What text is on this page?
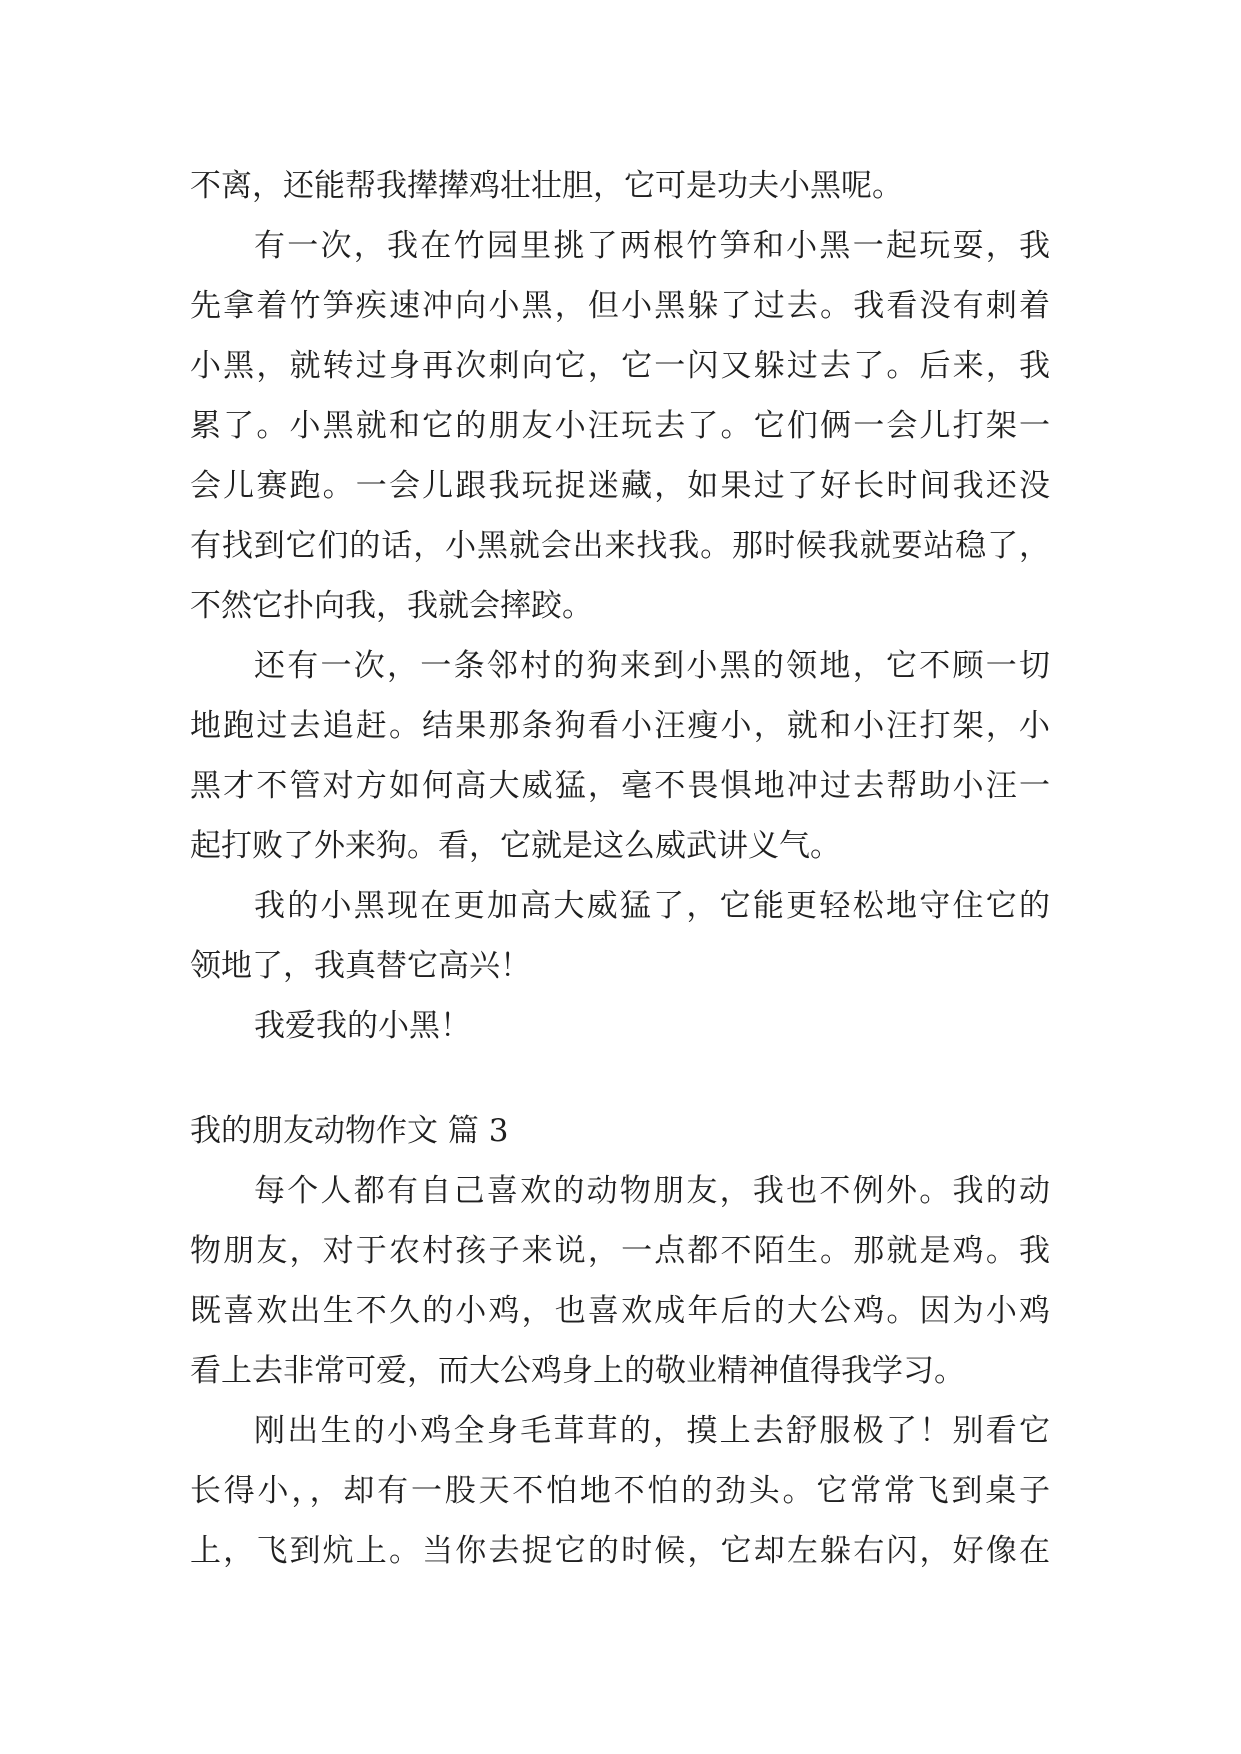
不离，还能帮我撵撵鸡壮壮胆，它可是功夫小黑呢。

有一次，我在竹园里挑了两根竹笋和小黑一起玩耍，我

先拿着竹笋疾速冲向小黑，但小黑躲了过去。我看没有刺着

小黑，就转过身再次刺向它，它一闪又躲过去了。后来，我

累了。小黑就和它的朋友小汪玩去了。它们俩一会儿打架一

会儿赛跑。一会儿跟我玩捉迷藏，如果过了好长时间我还没

有找到它们的话，小黑就会出来找我。那时候我就要站稳了，

不然它扑向我，我就会摔跤。

还有一次，一条邻村的狗来到小黑的领地，它不顾一切

地跑过去追赶。结果那条狗看小汪瘦小，就和小汪打架，小

黑才不管对方如何高大威猛，毫不畏惧地冲过去帮助小汪一

起打败了外来狗。看，它就是这么威武讲义气。

我的小黑现在更加高大威猛了，它能更轻松地守住它的

领地了，我真替它高兴！

我爱我的小黑！

我的朋友动物作文 篇 3

每个人都有自己喜欢的动物朋友，我也不例外。我的动

物朋友，对于农村孩子来说，一点都不陌生。那就是鸡。我

既喜欢出生不久的小鸡，也喜欢成年后的大公鸡。因为小鸡

看上去非常可爱，而大公鸡身上的敬业精神值得我学习。

刚出生的小鸡全身毛茸茸的，摸上去舒服极了！别看它

长得小，，却有一股天不怕地不怕的劲头。它常常飞到桌子

上，飞到炕上。当你去捉它的时候，它却左躲右闪，好像在
